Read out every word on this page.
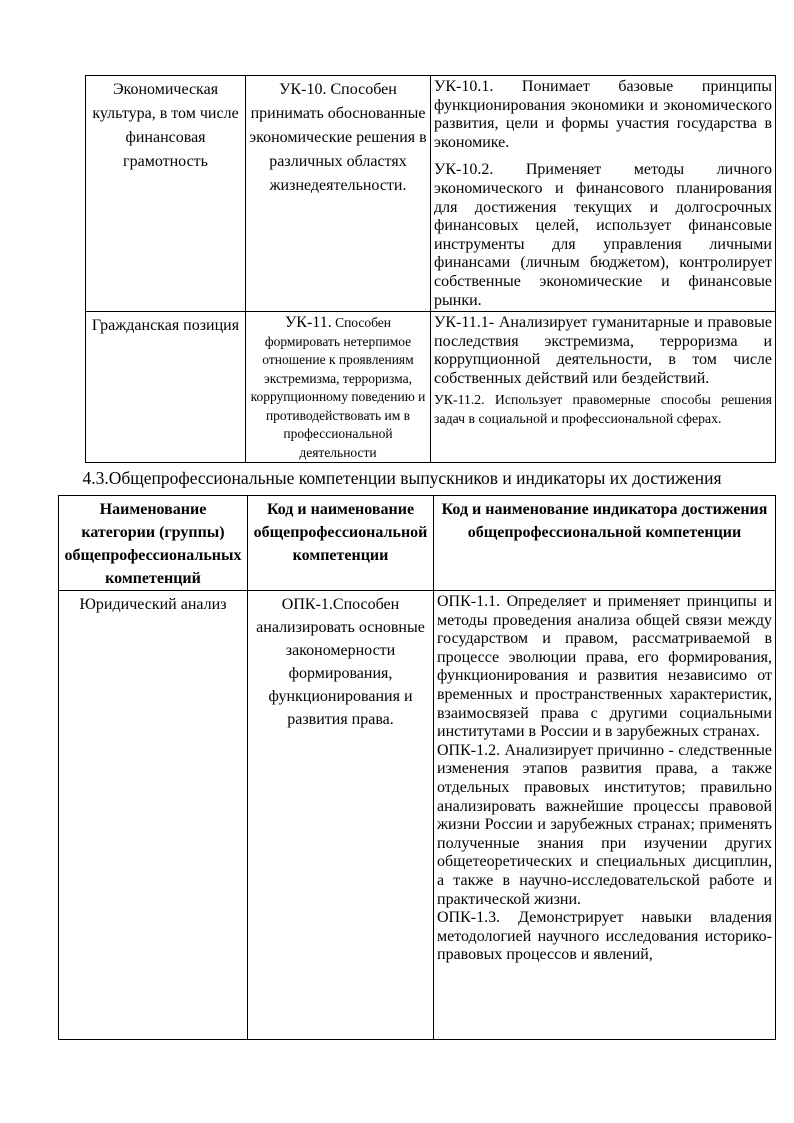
Экономическая культура, в том числе финансовая грамотность	УК-10. Способен принимать обоснованные экономические решения в различных областях жизнедеятельности.	УК-10.1. Понимает базовые принципы функционирования экономики и экономического развития, цели и формы участия государства в экономике.

УК-10.2. Применяет методы личного экономического и финансового планирования для достижения текущих и долгосрочных финансовых целей, использует финансовые инструменты для управления личными финансами (личным бюджетом), контролирует собственные экономические и финансовые рынки.

Гражданская позиция	УК-11. Способен формировать нетерпимое отношение к проявлениям экстремизма, терроризма, коррупционному поведению и противодействовать им в профессиональной деятельности	УК-11.1- Анализирует гуманитарные и правовые последствия экстремизма, терроризма и коррупционной деятельности, в том числе собственных действий или бездействий.

УК-11.2. Использует правомерные способы решения задач в социальной и профессиональной сферах.

4.3.Общепрофессиональные компетенции выпускников и индикаторы их достижения
Наименование категории (группы) общепрофессиональных компетенций	Код и наименование общепрофессиональной компетенции	Код и наименование индикатора достижения общепрофессиональной компетенции
Юридический анализ	ОПК-1.Способен анализировать основные закономерности формирования, функционирования и развития права.	ОПК-1.1. Определяет и применяет принципы и методы проведения анализа общей связи между государством и правом, рассматриваемой в процессе эволюции права, его формирования, функционирования и развития независимо от временных и пространственных характеристик, взаимосвязей права с другими социальными институтами в России и в зарубежных странах.

ОПК-1.2. Анализирует причинно - следственные изменения этапов развития права, а также отдельных правовых институтов; правильно анализировать важнейшие процессы правовой жизни России и зарубежных странах; применять полученные знания при изучении других общетеоретических и специальных дисциплин, а также в научно-исследовательской работе и практической жизни.

ОПК-1.3. Демонстрирует навыки владения методологией научного исследования историко-правовых процессов и явлений,
